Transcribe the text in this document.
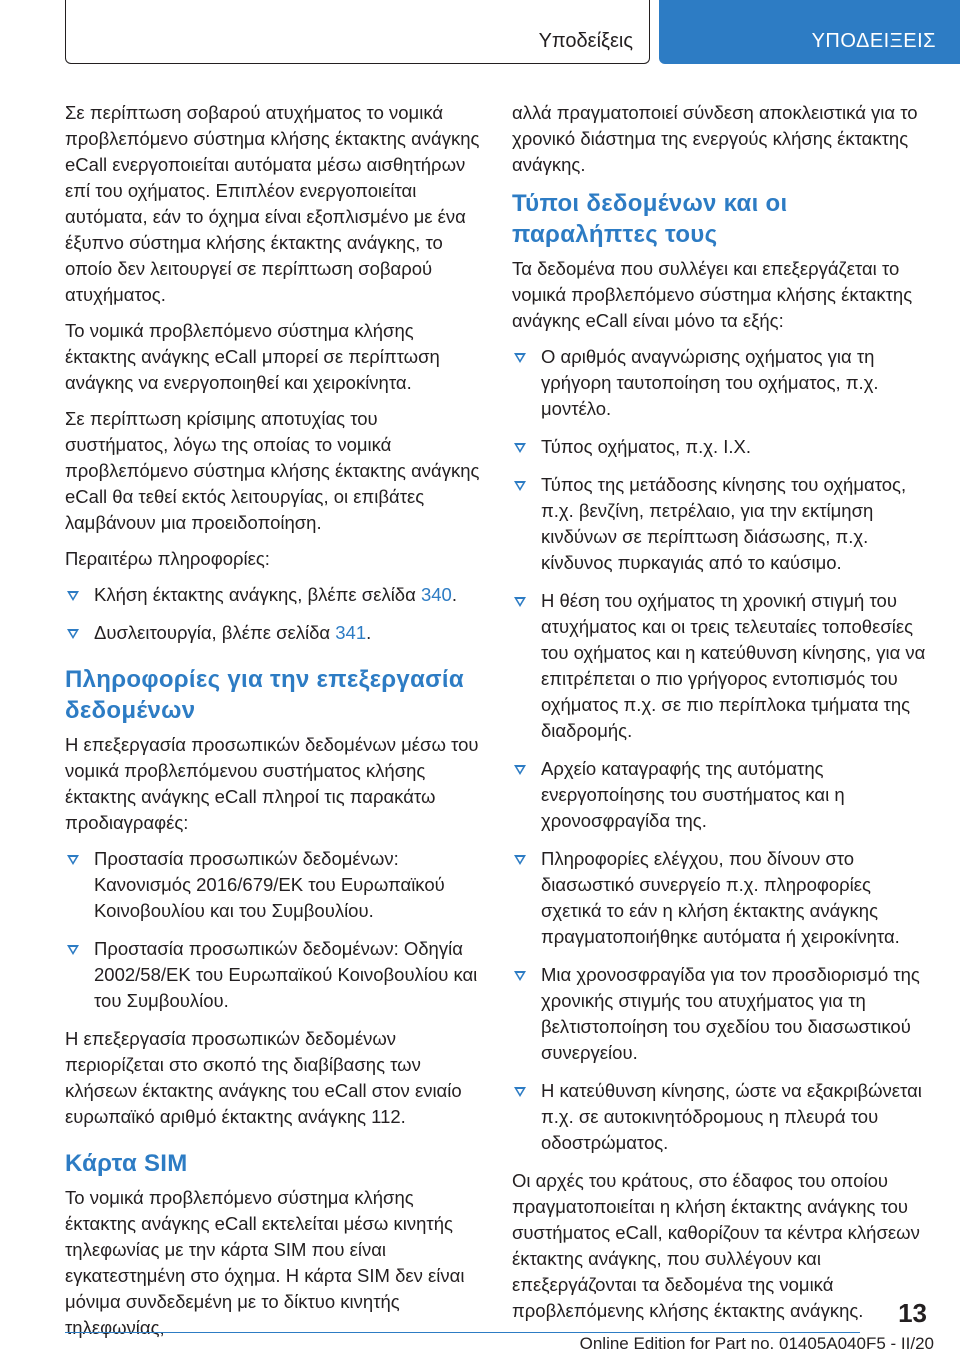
Υποδείξεις	ΥΠΟΔΕΙΞΕΙΣ

Σε περίπτωση σοβαρού ατυχήματος το νομικά προβλεπόμενο σύστημα κλήσης έκτακτης ανάγκης eCall ενεργοποιείται αυτόματα μέσω αισθητήρων επί του οχήματος. Επιπλέον ενεργοποιείται αυτόματα, εάν το όχημα είναι εξοπλισμένο με ένα έξυπνο σύστημα κλήσης έκτακτης ανάγκης, το οποίο δεν λειτουργεί σε περίπτωση σοβαρού ατυχήματος.

Το νομικά προβλεπόμενο σύστημα κλήσης έκτακτης ανάγκης eCall μπορεί σε περίπτωση ανάγκης να ενεργοποιηθεί και χειροκίνητα.

Σε περίπτωση κρίσιμης αποτυχίας του συστήματος, λόγω της οποίας το νομικά προβλεπόμενο σύστημα κλήσης έκτακτης ανάγκης eCall θα τεθεί εκτός λειτουργίας, οι επιβάτες λαμβάνουν μια προειδοποίηση.

Περαιτέρω πληροφορίες:

Κλήση έκτακτης ανάγκης, βλέπε σελίδα 340.
Δυσλειτουργία, βλέπε σελίδα 341.
Πληροφορίες για την επεξεργασία δεδομένων

Η επεξεργασία προσωπικών δεδομένων μέσω του νομικά προβλεπόμενου συστήματος κλήσης έκτακτης ανάγκης eCall πληροί τις παρακάτω προδιαγραφές:

Προστασία προσωπικών δεδομένων: Κανονισμός 2016/679/ΕΚ του Ευρωπαϊκού Κοινοβουλίου και του Συμβουλίου.
Προστασία προσωπικών δεδομένων: Οδηγία 2002/58/ΕΚ του Ευρωπαϊκού Κοινοβουλίου και του Συμβουλίου.

Η επεξεργασία προσωπικών δεδομένων περιορίζεται στο σκοπό της διαβίβασης των κλήσεων έκτακτης ανάγκης του eCall στον ενιαίο ευρωπαϊκό αριθμό έκτακτης ανάγκης 112.

Κάρτα SIM

Το νομικά προβλεπόμενο σύστημα κλήσης έκτακτης ανάγκης eCall εκτελείται μέσω κινητής τηλεφωνίας με την κάρτα SIM που είναι εγκατεστημένη στο όχημα. Η κάρτα SIM δεν είναι μόνιμα συνδεδεμένη με το δίκτυο κινητής τηλεφωνίας,

αλλά πραγματοποιεί σύνδεση αποκλειστικά για το χρονικό διάστημα της ενεργούς κλήσης έκτακτης ανάγκης.

Τύποι δεδομένων και οι παραλήπτες τους

Τα δεδομένα που συλλέγει και επεξεργάζεται το νομικά προβλεπόμενο σύστημα κλήσης έκτακτης ανάγκης eCall είναι μόνο τα εξής:

Ο αριθμός αναγνώρισης οχήματος για τη γρήγορη ταυτοποίηση του οχήματος, π.χ. μοντέλο.
Τύπος οχήματος, π.χ. Ι.Χ.
Τύπος της μετάδοσης κίνησης του οχήματος, π.χ. βενζίνη, πετρέλαιο, για την εκτίμηση κινδύνων σε περίπτωση διάσωσης, π.χ. κίνδυνος πυρκαγιάς από το καύσιμο.
Η θέση του οχήματος τη χρονική στιγμή του ατυχήματος και οι τρεις τελευταίες τοποθεσίες του οχήματος και η κατεύθυνση κίνησης, για να επιτρέπεται ο πιο γρήγορος εντοπισμός του οχήματος π.χ. σε πιο περίπλοκα τμήματα της διαδρομής.
Αρχείο καταγραφής της αυτόματης ενεργοποίησης του συστήματος και η χρονοσφραγίδα της.
Πληροφορίες ελέγχου, που δίνουν στο διασωστικό συνεργείο π.χ. πληροφορίες σχετικά το εάν η κλήση έκτακτης ανάγκης πραγματοποιήθηκε αυτόματα ή χειροκίνητα.
Μια χρονοσφραγίδα για τον προσδιορισμό της χρονικής στιγμής του ατυχήματος για τη βελτιστοποίηση του σχεδίου του διασωστικού συνεργείου.
Η κατεύθυνση κίνησης, ώστε να εξακριβώνεται π.χ. σε αυτοκινητόδρομους η πλευρά του οδοστρώματος.

Οι αρχές του κράτους, στο έδαφος του οποίου πραγματοποιείται η κλήση έκτακτης ανάγκης του συστήματος eCall, καθορίζουν τα κέντρα κλήσεων έκτακτης ανάγκης, που συλλέγουν και επεξεργάζονται τα δεδομένα της νομικά προβλεπόμενης κλήσης έκτακτης ανάγκης.	13
Online Edition for Part no. 01405A040F5 - II/20
